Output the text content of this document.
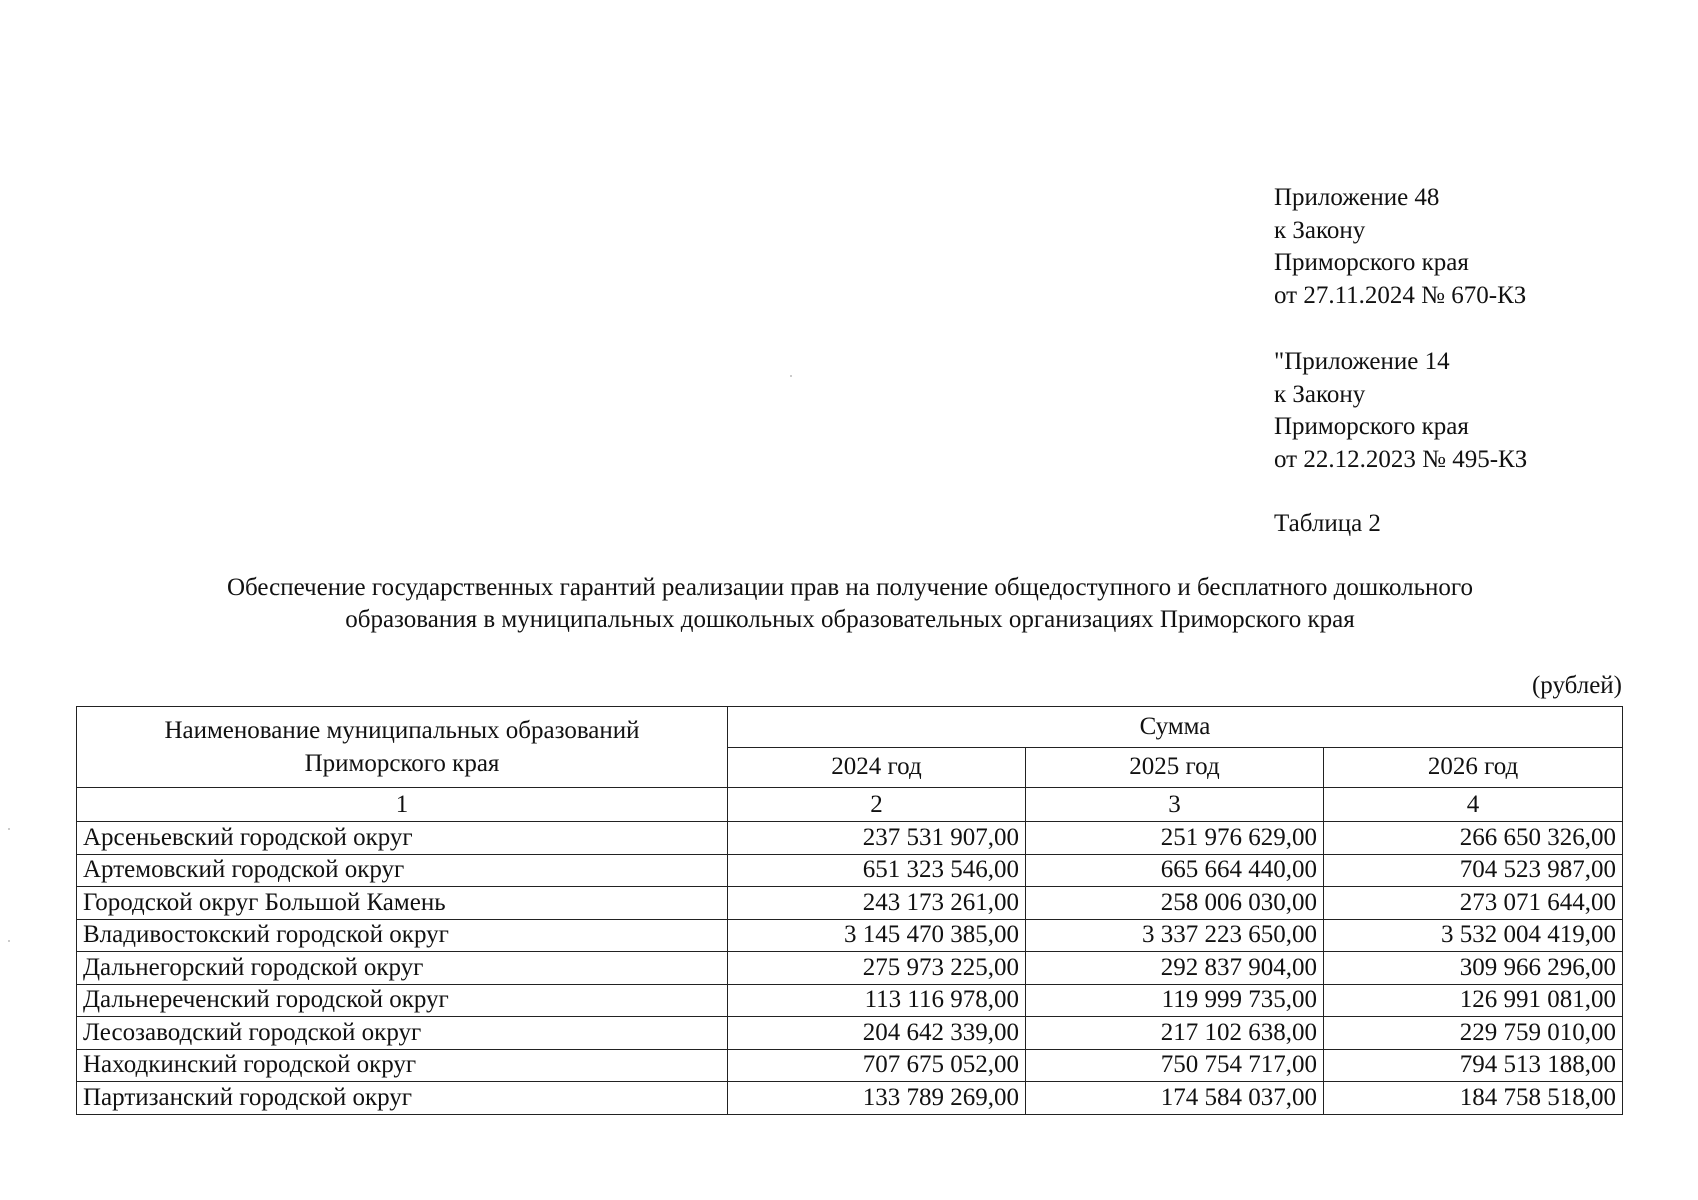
Приложение 48
к Закону
Приморского края
от 27.11.2024 № 670-КЗ
"Приложение 14
к Закону
Приморского края
от 22.12.2023 № 495-КЗ
Таблица 2
Обеспечение государственных гарантий реализации прав на получение общедоступного и бесплатного дошкольного
образования в муниципальных дошкольных образовательных организациях Приморского края
(рублей)
Наименование муниципальных образований
Приморского края	Сумма		
	2024 год	2025 год	2026 год
1	2	3	4
Арсеньевский городской округ	237 531 907,00	251 976 629,00	266 650 326,00
Артемовский городской округ	651 323 546,00	665 664 440,00	704 523 987,00
Городской округ Большой Камень	243 173 261,00	258 006 030,00	273 071 644,00
Владивостокский городской округ	3 145 470 385,00	3 337 223 650,00	3 532 004 419,00
Дальнегорский городской округ	275 973 225,00	292 837 904,00	309 966 296,00
Дальнереченский городской округ	113 116 978,00	119 999 735,00	126 991 081,00
Лесозаводский городской округ	204 642 339,00	217 102 638,00	229 759 010,00
Находкинский городской округ	707 675 052,00	750 754 717,00	794 513 188,00
Партизанский городской округ	133 789 269,00	174 584 037,00	184 758 518,00
